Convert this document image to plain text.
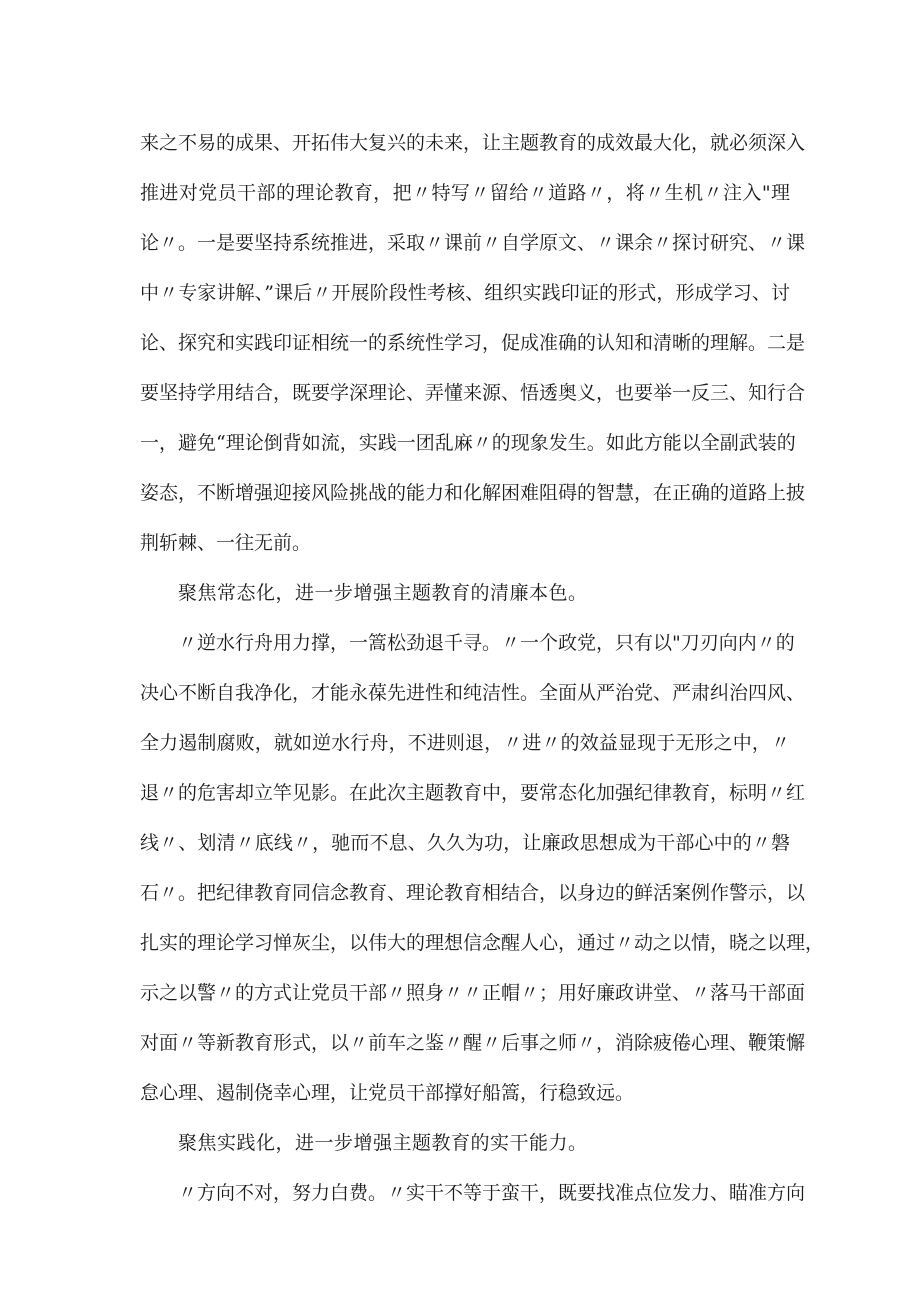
来之不易的成果、开拓伟大复兴的未来，让主题教育的成效最大化，就必须深入
推进对党员干部的理论教育，把〃特写〃留给〃道路〃，将〃生机〃注入"理
论〃。一是要坚持系统推进，采取〃课前〃自学原文、〃课余〃探讨研究、〃课
中〃专家讲解、”课后〃开展阶段性考核、组织实践印证的形式，形成学习、讨
论、探究和实践印证相统一的系统性学习，促成准确的认知和清晰的理解。二是
要坚持学用结合，既要学深理论、弄懂来源、悟透奥义，也要举一反三、知行合
一，避免“理论倒背如流，实践一团乱麻〃的现象发生。如此方能以全副武装的
姿态，不断增强迎接风险挑战的能力和化解困难阻碍的智慧，在正确的道路上披
荆斩棘、一往无前。
聚焦常态化，进一步增强主题教育的清廉本色。
〃逆水行舟用力撑，一篙松劲退千寻。〃一个政党，只有以"刀刃向内〃的
决心不断自我净化，才能永葆先进性和纯洁性。全面从严治党、严肃纠治四风、
全力遏制腐败，就如逆水行舟，不进则退，〃进〃的效益显现于无形之中，〃
退〃的危害却立竿见影。在此次主题教育中，要常态化加强纪律教育，标明〃红
线〃、划清〃底线〃，驰而不息、久久为功，让廉政思想成为干部心中的〃磐
石〃。把纪律教育同信念教育、理论教育相结合，以身边的鲜活案例作警示，以
扎实的理论学习惮灰尘，以伟大的理想信念醒人心，通过〃动之以情，晓之以理，
示之以警〃的方式让党员干部〃照身〃〃正帽〃；用好廉政讲堂、〃落马干部面
对面〃等新教育形式，以〃前车之鉴〃醒〃后事之师〃，消除疲倦心理、鞭策懈
怠心理、遏制侥幸心理，让党员干部撑好船篙，行稳致远。
聚焦实践化，进一步增强主题教育的实干能力。
〃方向不对，努力白费。〃实干不等于蛮干，既要找准点位发力、瞄准方向
